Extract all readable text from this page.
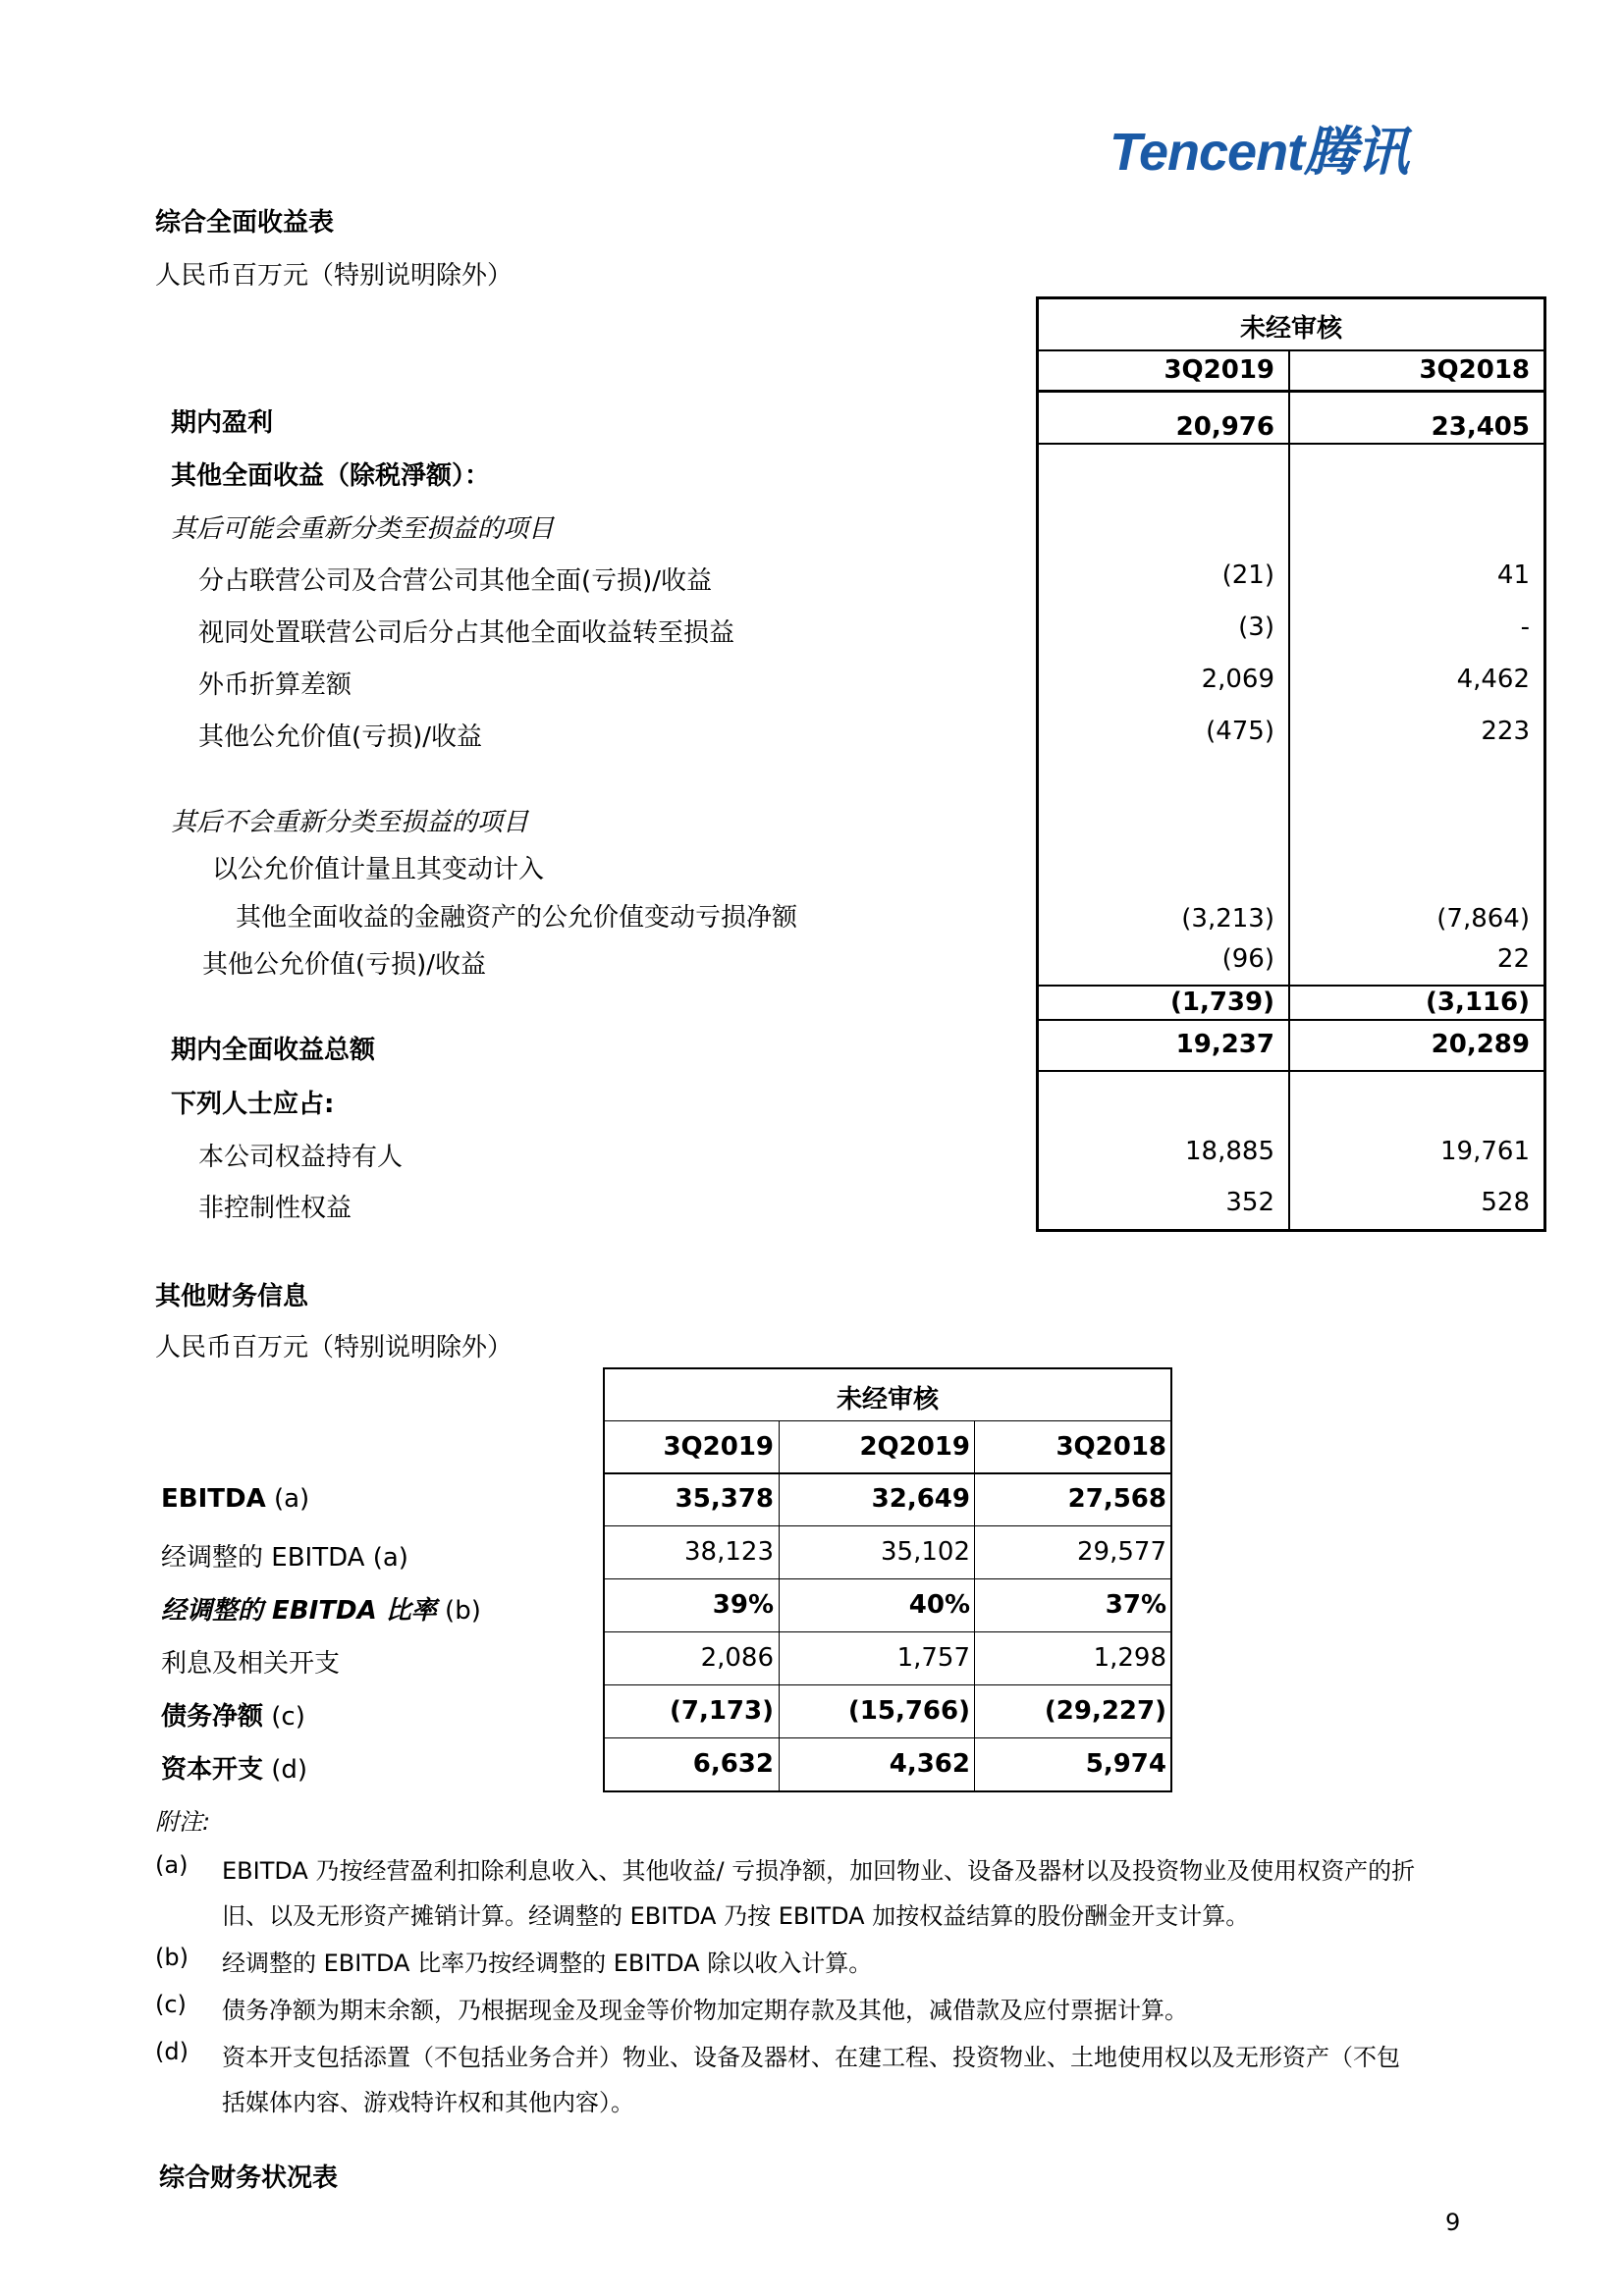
Tencent腾讯
综合全面收益表
人民币百万元（特别说明除外）
未经审核
3Q2019	3Q2018
期内盈利	20,976	23,405
其他全面收益（除税淨额）：
其后可能会重新分类至损益的项目
分占联营公司及合营公司其他全面(亏损)/收益	(21)	41
视同处置联营公司后分占其他全面收益转至损益	(3)	-
外币折算差额	2,069	4,462
其他公允价值(亏损)/收益	(475)	223
其后不会重新分类至损益的项目
以公允价值计量且其变动计入
其他全面收益的金融资产的公允价值变动亏损净额	(3,213)	(7,864)
其他公允价值(亏损)/收益	(96)	22
(1,739)	(3,116)
期内全面收益总额	19,237	20,289
下列人士应占:
本公司权益持有人	18,885	19,761
非控制性权益	352	528
其他财务信息
人民币百万元（特别说明除外）
未经审核
3Q2019	2Q2019	3Q2018
EBITDA (a)	35,378	32,649	27,568
经调整的 EBITDA (a)	38,123	35,102	29,577
经调整的 EBITDA 比率 (b)	39%	40%	37%
利息及相关开支	2,086	1,757	1,298
债务净额 (c)	(7,173)	(15,766)	(29,227)
资本开支 (d)	6,632	4,362	5,974
附注:
(a) EBITDA 乃按经营盈利扣除利息收入、其他收益/ 亏损净额，加回物业、设备及器材以及投资物业及使用权资产的折
旧、以及无形资产摊销计算。经调整的 EBITDA 乃按 EBITDA 加按权益结算的股份酬金开支计算。
(b) 经调整的 EBITDA 比率乃按经调整的 EBITDA 除以收入计算。
(c) 债务净额为期末余额，乃根据现金及现金等价物加定期存款及其他，减借款及应付票据计算。
(d) 资本开支包括添置（不包括业务合并）物业、设备及器材、在建工程、投资物业、土地使用权以及无形资产（不包
括媒体内容、游戏特许权和其他内容）。
综合财务状况表
9
